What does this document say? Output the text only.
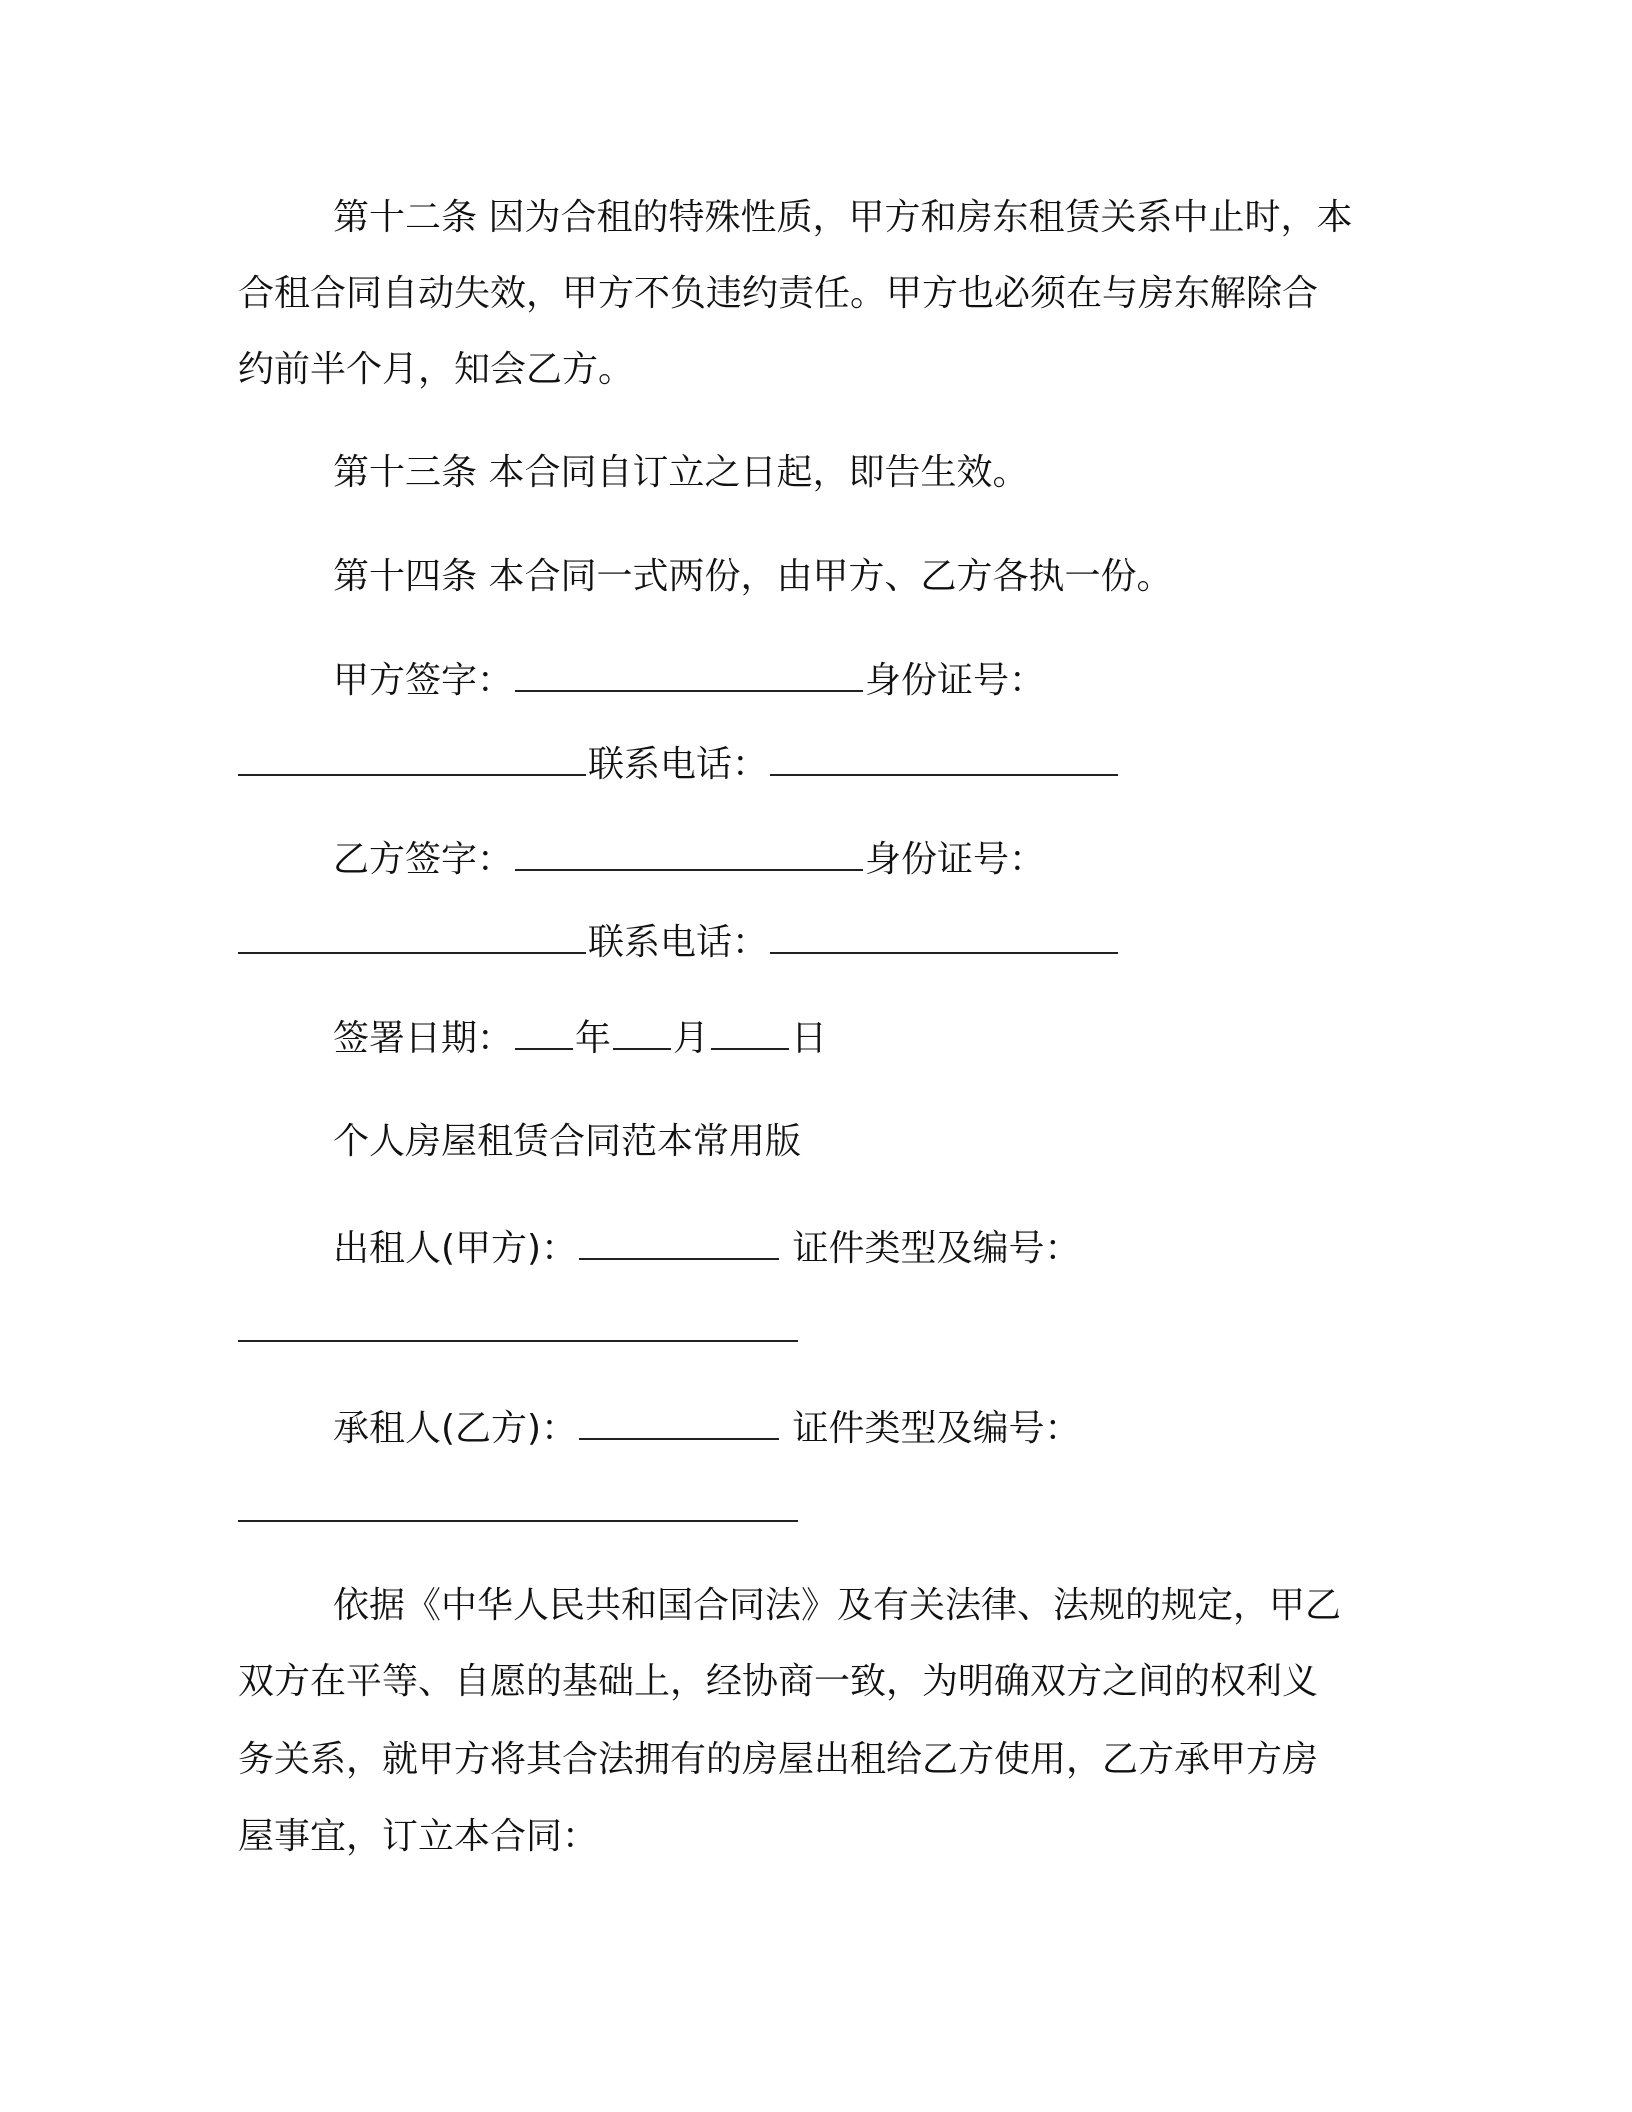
第十二条 因为合租的特殊性质，甲方和房东租赁关系中止时，本
合租合同自动失效，甲方不负违约责任。甲方也必须在与房东解除合
约前半个月，知会乙方。
第十三条 本合同自订立之日起，即告生效。
第十四条 本合同一式两份，由甲方、乙方各执一份。
甲方签字：	身份证号：
联系电话：
乙方签字：	身份证号：
联系电话：
签署日期： 年 月 日
个人房屋租赁合同范本常用版
出租人(甲方)：	证件类型及编号：
承租人(乙方)：	证件类型及编号：
依据《中华人民共和国合同法》及有关法律、法规的规定，甲乙
双方在平等、自愿的基础上，经协商一致，为明确双方之间的权利义
务关系，就甲方将其合法拥有的房屋出租给乙方使用，乙方承甲方房
屋事宜，订立本合同：
